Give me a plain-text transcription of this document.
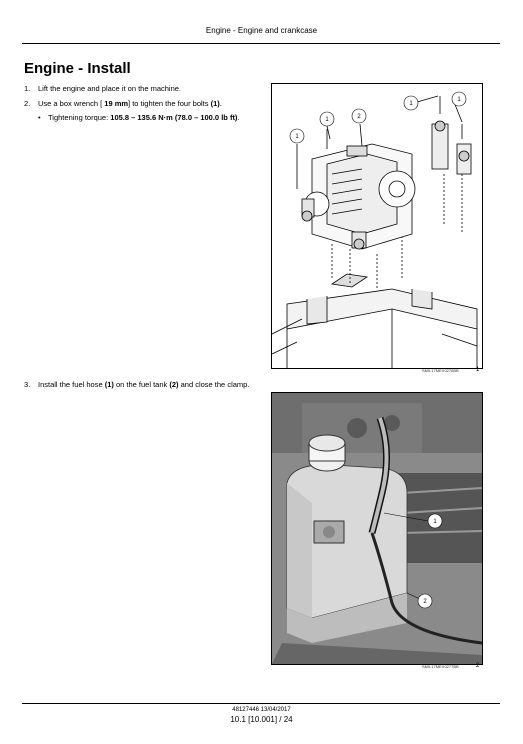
Engine - Engine and crankcase
Engine - Install
1.	Lift the engine and place it on the machine.
2.	Use a box wrench [ 19 mm] to tighten the four bolts (1).
• Tightening torque: 105.8 – 135.6 N·m (78.0 – 100.0 lb ft).
1
1
1
1	2
SMIL17MEX0276BB	1
3.	Install the fuel hose (1) on the fuel tank (2) and close the clamp.
1
2
SMIL17MEX0277BB	2
48127446 13/04/2017
10.1 [10.001] / 24
